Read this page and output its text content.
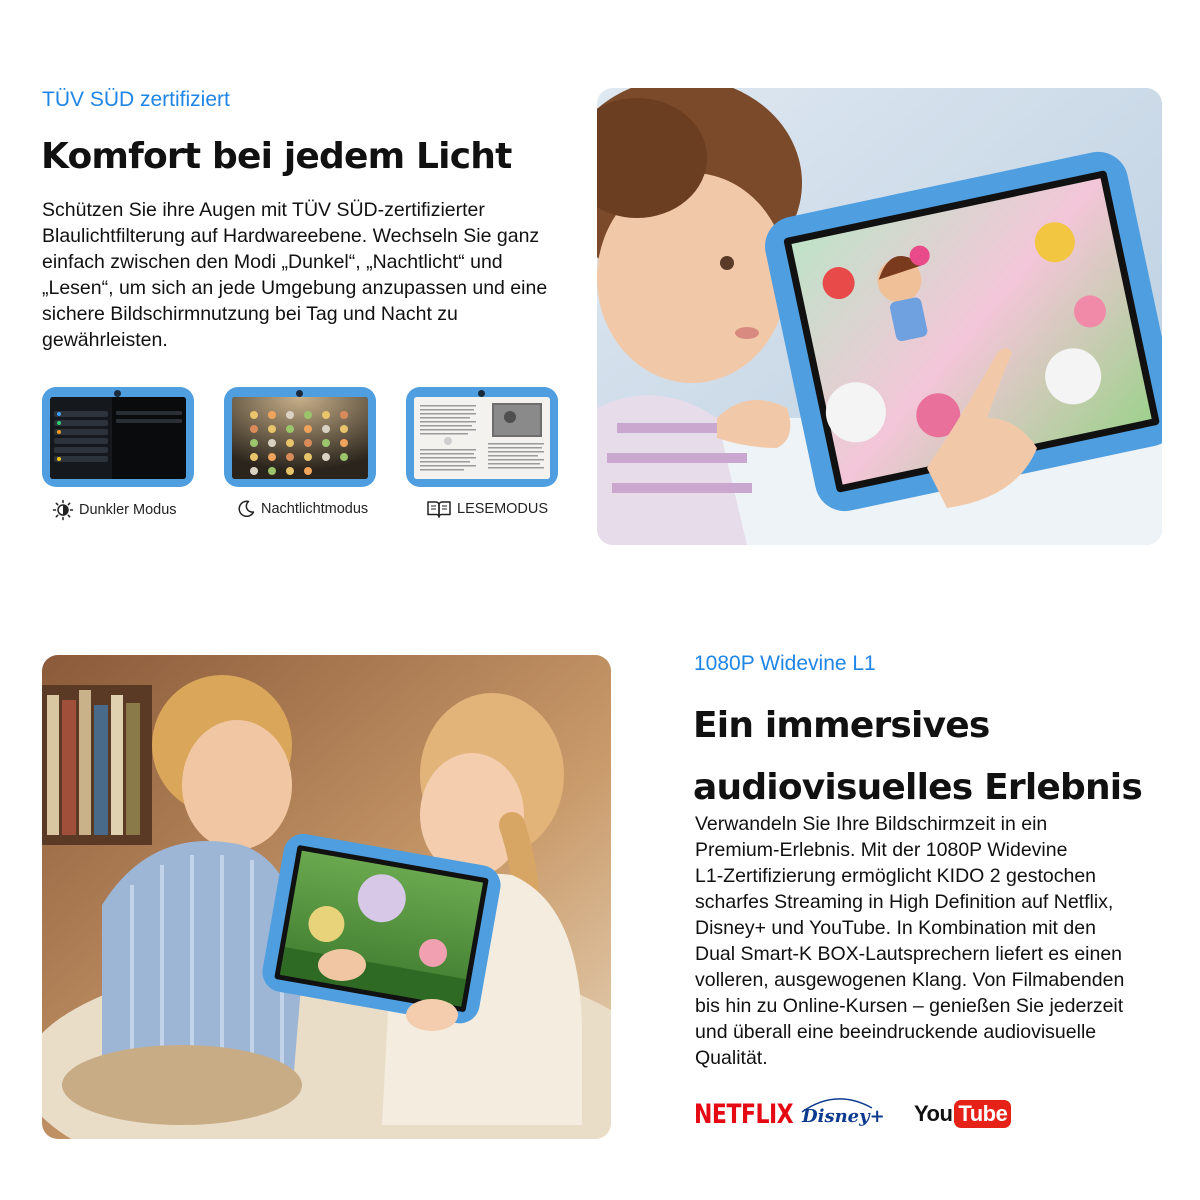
TÜV SÜD zertifiziert
Komfort bei jedem Licht
Schützen Sie ihre Augen mit TÜV SÜD-zertifizierter
Blaulichtfilterung auf Hardwareebene. Wechseln Sie ganz
einfach zwischen den Modi „Dunkel“, „Nachtlicht“ und
„Lesen“, um sich an jede Umgebung anzupassen und eine
sichere Bildschirmnutzung bei Tag und Nacht zu
gewährleisten.
Dunkler Modus	Nachtlichtmodus	LESEMODUS
1080P Widevine L1
Ein immersives
audiovisuelles Erlebnis
Verwandeln Sie Ihre Bildschirmzeit in ein
Premium-Erlebnis. Mit der 1080P Widevine
L1-Zertifizierung ermöglicht KIDO 2 gestochen
scharfes Streaming in High Definition auf Netflix,
Disney+ und YouTube. In Kombination mit den
Dual Smart-K BOX-Lautsprechern liefert es einen
volleren, ausgewogenen Klang. Von Filmabenden
bis hin zu Online-Kursen – genießen Sie jederzeit
und überall eine beeindruckende audiovisuelle
Qualität.
NETFLIX Disney+ You Tube
